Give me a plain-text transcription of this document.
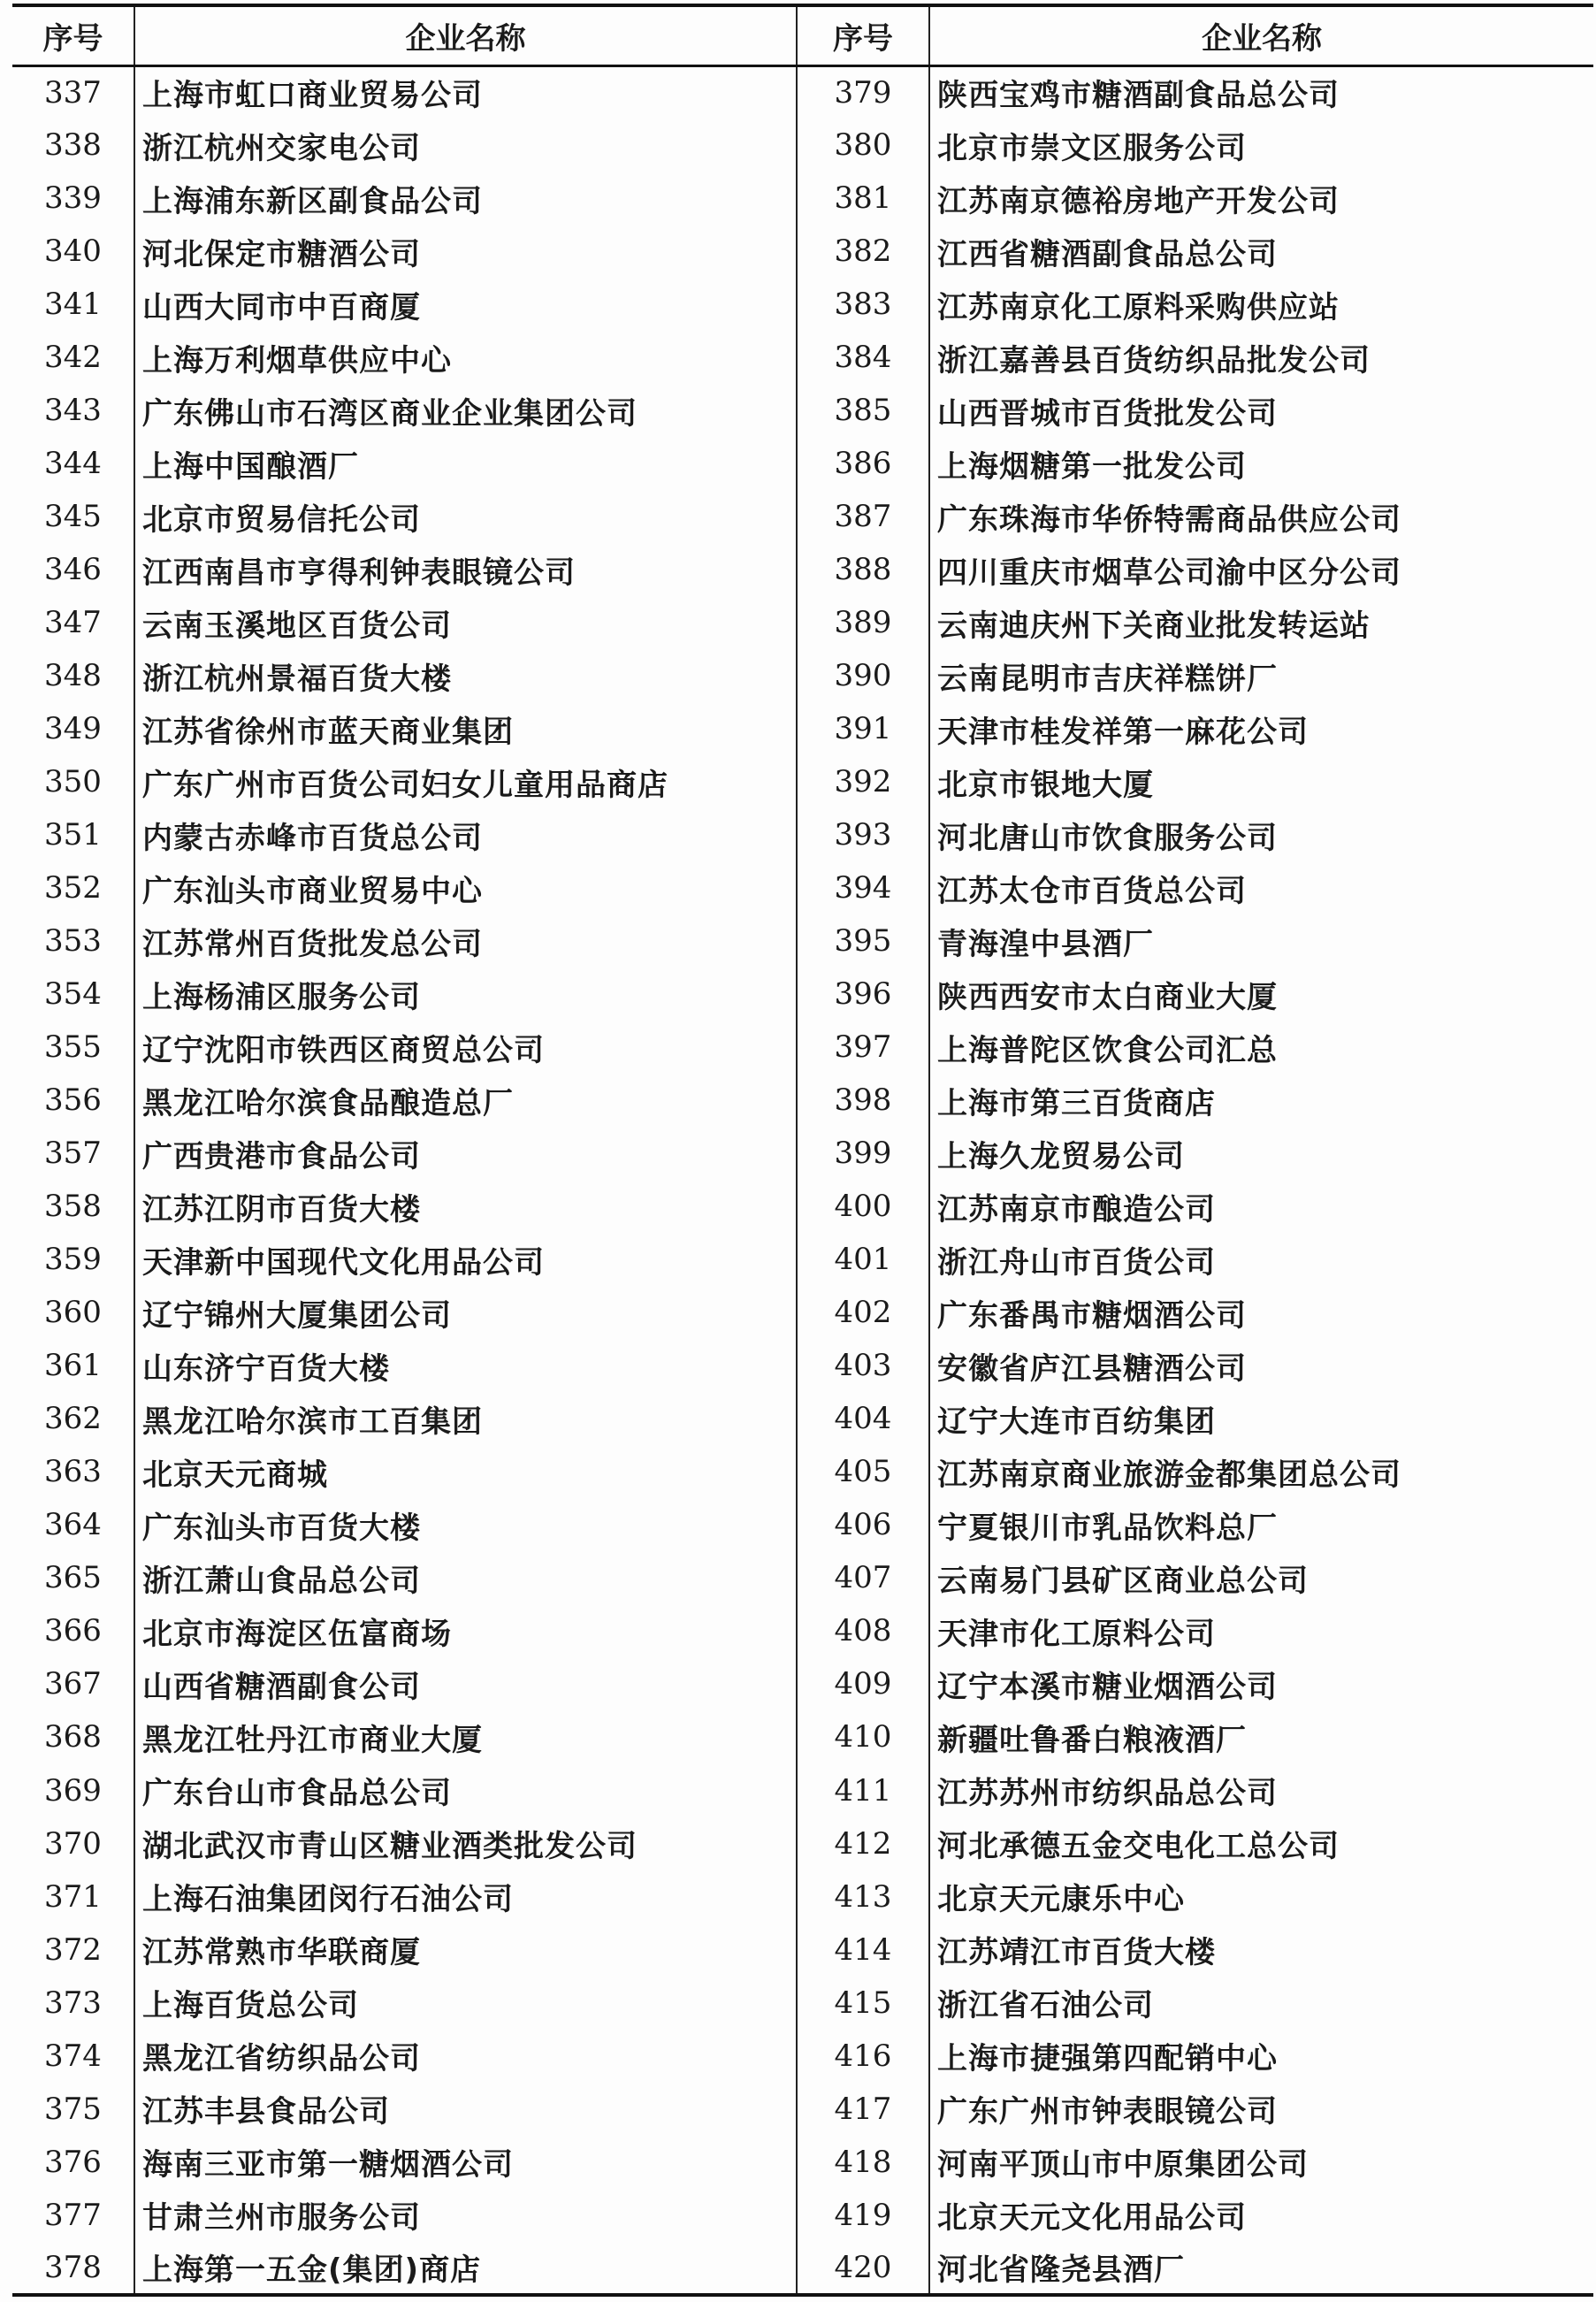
序号	企业名称	序号	企业名称
337	上海市虹口商业贸易公司	379	陕西宝鸡市糖酒副食品总公司
338	浙江杭州交家电公司	380	北京市崇文区服务公司
339	上海浦东新区副食品公司	381	江苏南京德裕房地产开发公司
340	河北保定市糖酒公司	382	江西省糖酒副食品总公司
341	山西大同市中百商厦	383	江苏南京化工原料采购供应站
342	上海万利烟草供应中心	384	浙江嘉善县百货纺织品批发公司
343	广东佛山市石湾区商业企业集团公司	385	山西晋城市百货批发公司
344	上海中国酿酒厂	386	上海烟糖第一批发公司
345	北京市贸易信托公司	387	广东珠海市华侨特需商品供应公司
346	江西南昌市亨得利钟表眼镜公司	388	四川重庆市烟草公司渝中区分公司
347	云南玉溪地区百货公司	389	云南迪庆州下关商业批发转运站
348	浙江杭州景福百货大楼	390	云南昆明市吉庆祥糕饼厂
349	江苏省徐州市蓝天商业集团	391	天津市桂发祥第一麻花公司
350	广东广州市百货公司妇女儿童用品商店	392	北京市银地大厦
351	内蒙古赤峰市百货总公司	393	河北唐山市饮食服务公司
352	广东汕头市商业贸易中心	394	江苏太仓市百货总公司
353	江苏常州百货批发总公司	395	青海湟中县酒厂
354	上海杨浦区服务公司	396	陕西西安市太白商业大厦
355	辽宁沈阳市铁西区商贸总公司	397	上海普陀区饮食公司汇总
356	黑龙江哈尔滨食品酿造总厂	398	上海市第三百货商店
357	广西贵港市食品公司	399	上海久龙贸易公司
358	江苏江阴市百货大楼	400	江苏南京市酿造公司
359	天津新中国现代文化用品公司	401	浙江舟山市百货公司
360	辽宁锦州大厦集团公司	402	广东番禺市糖烟酒公司
361	山东济宁百货大楼	403	安徽省庐江县糖酒公司
362	黑龙江哈尔滨市工百集团	404	辽宁大连市百纺集团
363	北京天元商城	405	江苏南京商业旅游金都集团总公司
364	广东汕头市百货大楼	406	宁夏银川市乳品饮料总厂
365	浙江萧山食品总公司	407	云南易门县矿区商业总公司
366	北京市海淀区伍富商场	408	天津市化工原料公司
367	山西省糖酒副食公司	409	辽宁本溪市糖业烟酒公司
368	黑龙江牡丹江市商业大厦	410	新疆吐鲁番白粮液酒厂
369	广东台山市食品总公司	411	江苏苏州市纺织品总公司
370	湖北武汉市青山区糖业酒类批发公司	412	河北承德五金交电化工总公司
371	上海石油集团闵行石油公司	413	北京天元康乐中心
372	江苏常熟市华联商厦	414	江苏靖江市百货大楼
373	上海百货总公司	415	浙江省石油公司
374	黑龙江省纺织品公司	416	上海市捷强第四配销中心
375	江苏丰县食品公司	417	广东广州市钟表眼镜公司
376	海南三亚市第一糖烟酒公司	418	河南平顶山市中原集团公司
377	甘肃兰州市服务公司	419	北京天元文化用品公司
378	上海第一五金(集团)商店	420	河北省隆尧县酒厂
